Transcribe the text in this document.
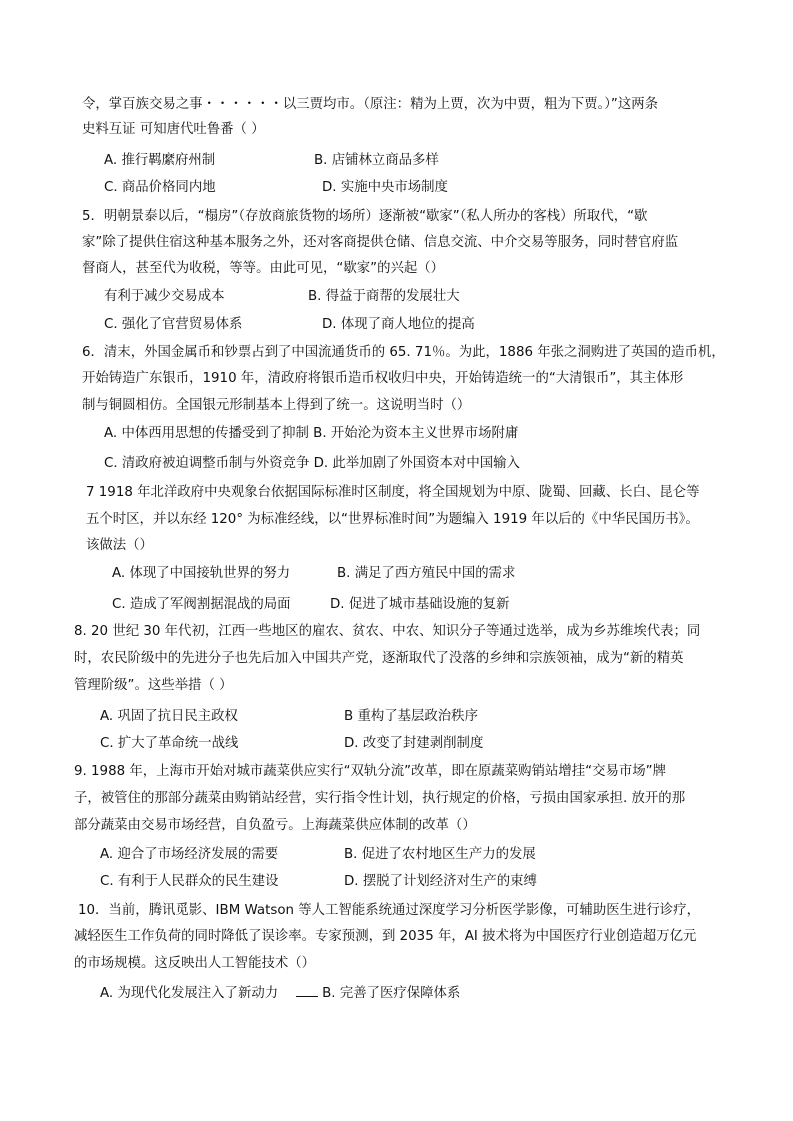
令，掌百族交易之事・・・・・・以三贾均市。（原注：精为上贾，次为中贾，粗为下贾。）”这两条
史料互证 可知唐代吐鲁番（ ）
A. 推行羁縻府州制	B. 店铺林立商品多样
C. 商品价格同内地	D. 实施中央市场制度
5．明朝景泰以后，“榻房”（存放商旅货物的场所）逐渐被“歇家”（私人所办的客栈）所取代，“歇
家”除了提供住宿这种基本服务之外，还对客商提供仓储、信息交流、中介交易等服务，同时替官府监
督商人，甚至代为收税，等等。由此可见，“歇家”的兴起（）
有利于减少交易成本	B. 得益于商帮的发展壮大
C. 强化了官营贸易体系	D. 体现了商人地位的提高
6．清末，外国金属币和钞票占到了中国流通货币的 65. 71％。为此，1886 年张之洞购进了英国的造币机，
开始铸造广东银币，1910 年，清政府将银币造币权收归中央，开始铸造统一的“大清银币”，其主体形
制与铜圆相仿。全国银元形制基本上得到了统一。这说明当时（）
A. 中体西用思想的传播受到了抑制 B. 开始沦为资本主义世界市场附庸
C. 清政府被迫调整币制与外资竞争 D. 此举加剧了外国资本对中国输入
7 1918 年北洋政府中央观象台依据国际标准时区制度，将全国规划为中原、陇蜀、回藏、长白、昆仑等
五个时区，并以东经 120° 为标准经线，以“世界标准时间”为题编入 1919 年以后的《中华民国历书》。
该做法（）
A. 体现了中国接轨世界的努力	B. 满足了西方殖民中国的需求
C. 造成了军阀割据混战的局面	D. 促进了城市基础设施的复新
8. 20 世纪 30 年代初，江西一些地区的雇农、贫农、中农、知识分子等通过选举，成为乡苏维埃代表；同
时，农民阶级中的先进分子也先后加入中国共产党，逐渐取代了没落的乡绅和宗族领袖，成为“新的精英
管理阶级”。这些举措（ ）
A. 巩固了抗日民主政权	B 重构了基层政治秩序
C. 扩大了革命统一战线	D. 改变了封建剥削制度
9. 1988 年，上海市开始对城市蔬菜供应实行“双轨分流”改革，即在原蔬菜购销站增挂“交易市场”牌
子，被管住的那部分蔬菜由购销站经营，实行指令性计划，执行规定的价格，亏损由国家承担. 放开的那
部分蔬菜由交易市场经营，自负盈亏。上海蔬菜供应体制的改革（）
A. 迎合了市场经济发展的需要	B. 促进了农村地区生产力的发展
C. 有利于人民群众的民生建设	D. 摆脱了计划经济对生产的束缚
10．当前，腾讯觅影、IBM Watson 等人工智能系统通过深度学习分析医学影像，可辅助医生进行诊疗，
减轻医生工作负荷的同时降低了误诊率。专家预测，到 2035 年，AI 披术将为中国医疗行业创造超万亿元
的市场规模。这反映出人工智能技术（）
A. 为现代化发展注入了新动力	B. 完善了医疗保障体系
